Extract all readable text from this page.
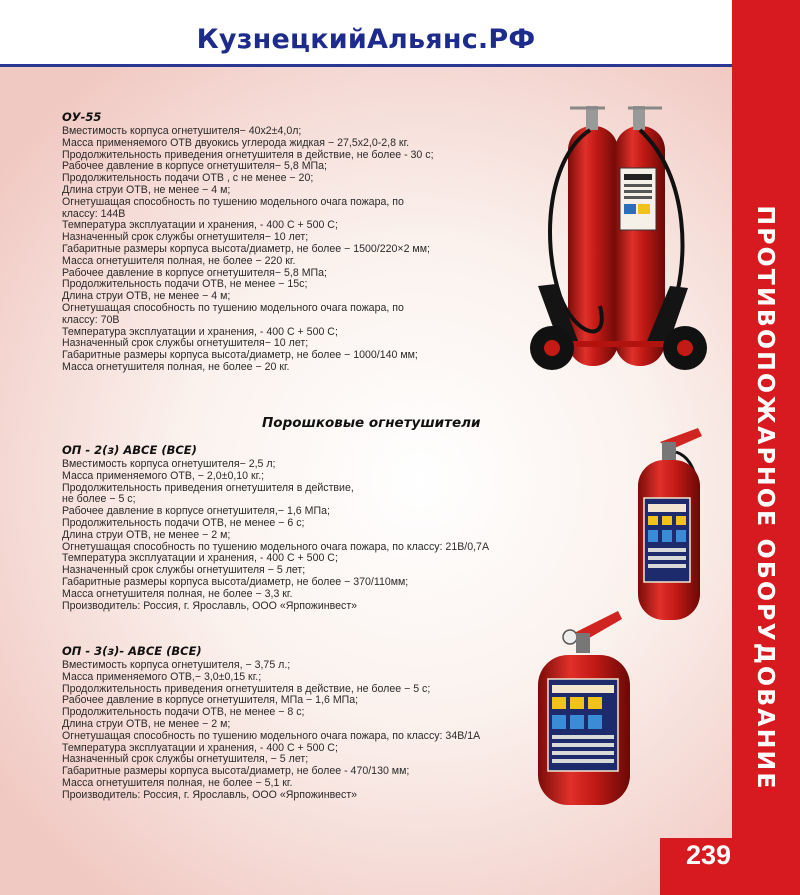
КузнецкийАльянс.РФ
ПРОТИВОПОЖАРНОЕ ОБОРУДОВАНИЕ
ОУ-55
Вместимость корпуса огнетушителя− 40х2±4,0л;
Масса применяемого ОТВ двуокись углерода жидкая − 27,5х2,0-2,8 кг.
Продолжительность приведения огнетушителя в действие, не более - 30 с;
Рабочее давление в корпусе огнетушителя− 5,8 МПа;
Продолжительность подачи ОТВ , с не менее − 20;
Длина струи ОТВ, не менее − 4 м;
Огнетушащая способность по тушению модельного очага пожара, по
классу: 144В
Температура эксплуатации и хранения, - 400 С + 500 С;
Назначенный срок службы огнетушителя− 10 лет;
Габаритные размеры корпуса высота/диаметр, не более − 1500/220×2 мм;
Масса огнетушителя полная, не более − 220 кг.
Рабочее давление в корпусе огнетушителя− 5,8 МПа;
Продолжительность подачи ОТВ, не менее − 15с;
Длина струи ОТВ, не менее − 4 м;
Огнетушащая способность по тушению модельного очага пожара, по
классу: 70В
Температура эксплуатации и хранения, - 400 С + 500 С;
Назначенный срок службы огнетушителя− 10 лет;
Габаритные размеры корпуса высота/диаметр, не более − 1000/140 мм;
Масса огнетушителя полная, не более − 20 кг.
Порошковые огнетушители
ОП - 2(з) АВСЕ (ВСЕ)
Вместимость корпуса огнетушителя− 2,5 л;
Масса применяемого ОТВ, − 2,0±0,10 кг.;
Продолжительность приведения огнетушителя в действие,
не более − 5 с;
Рабочее давление в корпусе огнетушителя,− 1,6 МПа;
Продолжительность подачи ОТВ, не менее − 6 с;
Длина струи ОТВ, не менее − 2 м;
Огнетушащая способность по тушению модельного очага пожара, по классу: 21В/0,7А
Температура эксплуатации и хранения, - 400 С + 500 С;
Назначенный срок службы огнетушителя − 5 лет;
Габаритные размеры корпуса высота/диаметр, не более − 370/110мм;
Масса огнетушителя полная, не более − 3,3 кг.
Производитель: Россия, г. Ярославль, ООО «Ярпожинвест»
ОП - 3(з)- АВСЕ (ВСЕ)
Вместимость корпуса огнетушителя, − 3,75 л.;
Масса применяемого ОТВ,− 3,0±0,15 кг.;
Продолжительность приведения огнетушителя в действие, не более − 5 с;
Рабочее давление в корпусе огнетушителя, МПа − 1,6 МПа;
Продолжительность подачи ОТВ, не менее − 8 с;
Длина струи ОТВ, не менее − 2 м;
Огнетушащая способность по тушению модельного очага пожара, по классу: 34В/1А
Температура эксплуатации и хранения, - 400 С + 500 С;
Назначенный срок службы огнетушителя, − 5 лет;
Габаритные размеры корпуса высота/диаметр, не более - 470/130 мм;
Масса огнетушителя полная, не более − 5,1 кг.
Производитель: Россия, г. Ярославль, ООО «Ярпожинвест»
239
